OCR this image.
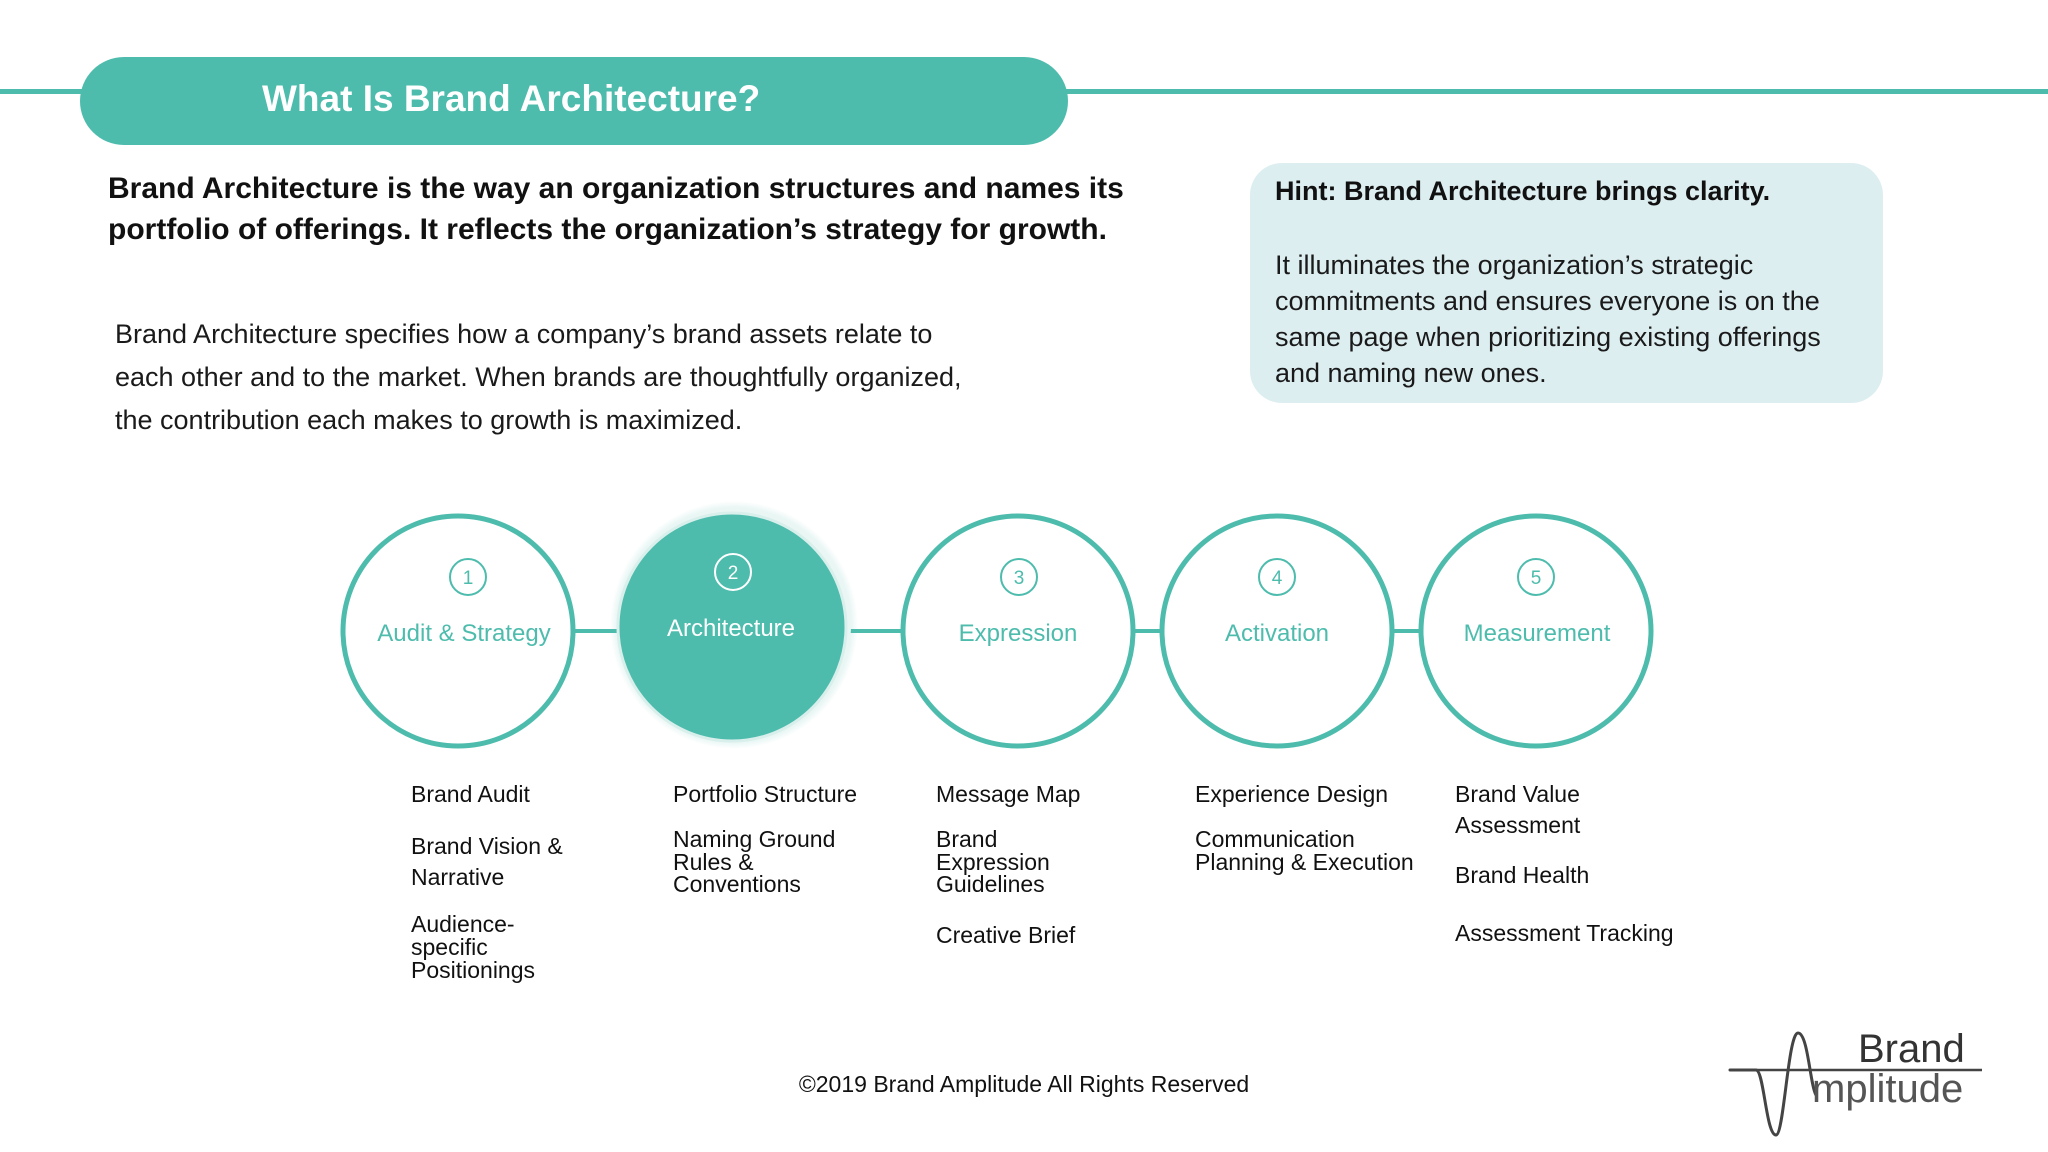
What Is Brand Architecture?
Brand Architecture is the way an organization structures and names its
portfolio of offerings. It reflects the organization’s strategy for growth.
Brand Architecture specifies how a company’s brand assets relate to
each other and to the market. When brands are thoughtfully organized,
the contribution each makes to growth is maximized.
Hint: Brand Architecture brings clarity.
It illuminates the organization’s strategic
commitments and ensures everyone is on the
same page when prioritizing existing offerings
and naming new ones.
1
Audit & Strategy
2
Architecture
3
Expression
4
Activation
5
Measurement
Brand Audit
Brand Vision &
Narrative
Audience-
specific
Positionings
Portfolio Structure
Naming Ground
Rules &
Conventions
Message Map
Brand
Expression
Guidelines
Creative Brief
Experience Design
Communication
Planning & Execution
Brand Value
Assessment
Brand Health
Assessment Tracking
©2019 Brand Amplitude All Rights Reserved
Brand
mplitude
